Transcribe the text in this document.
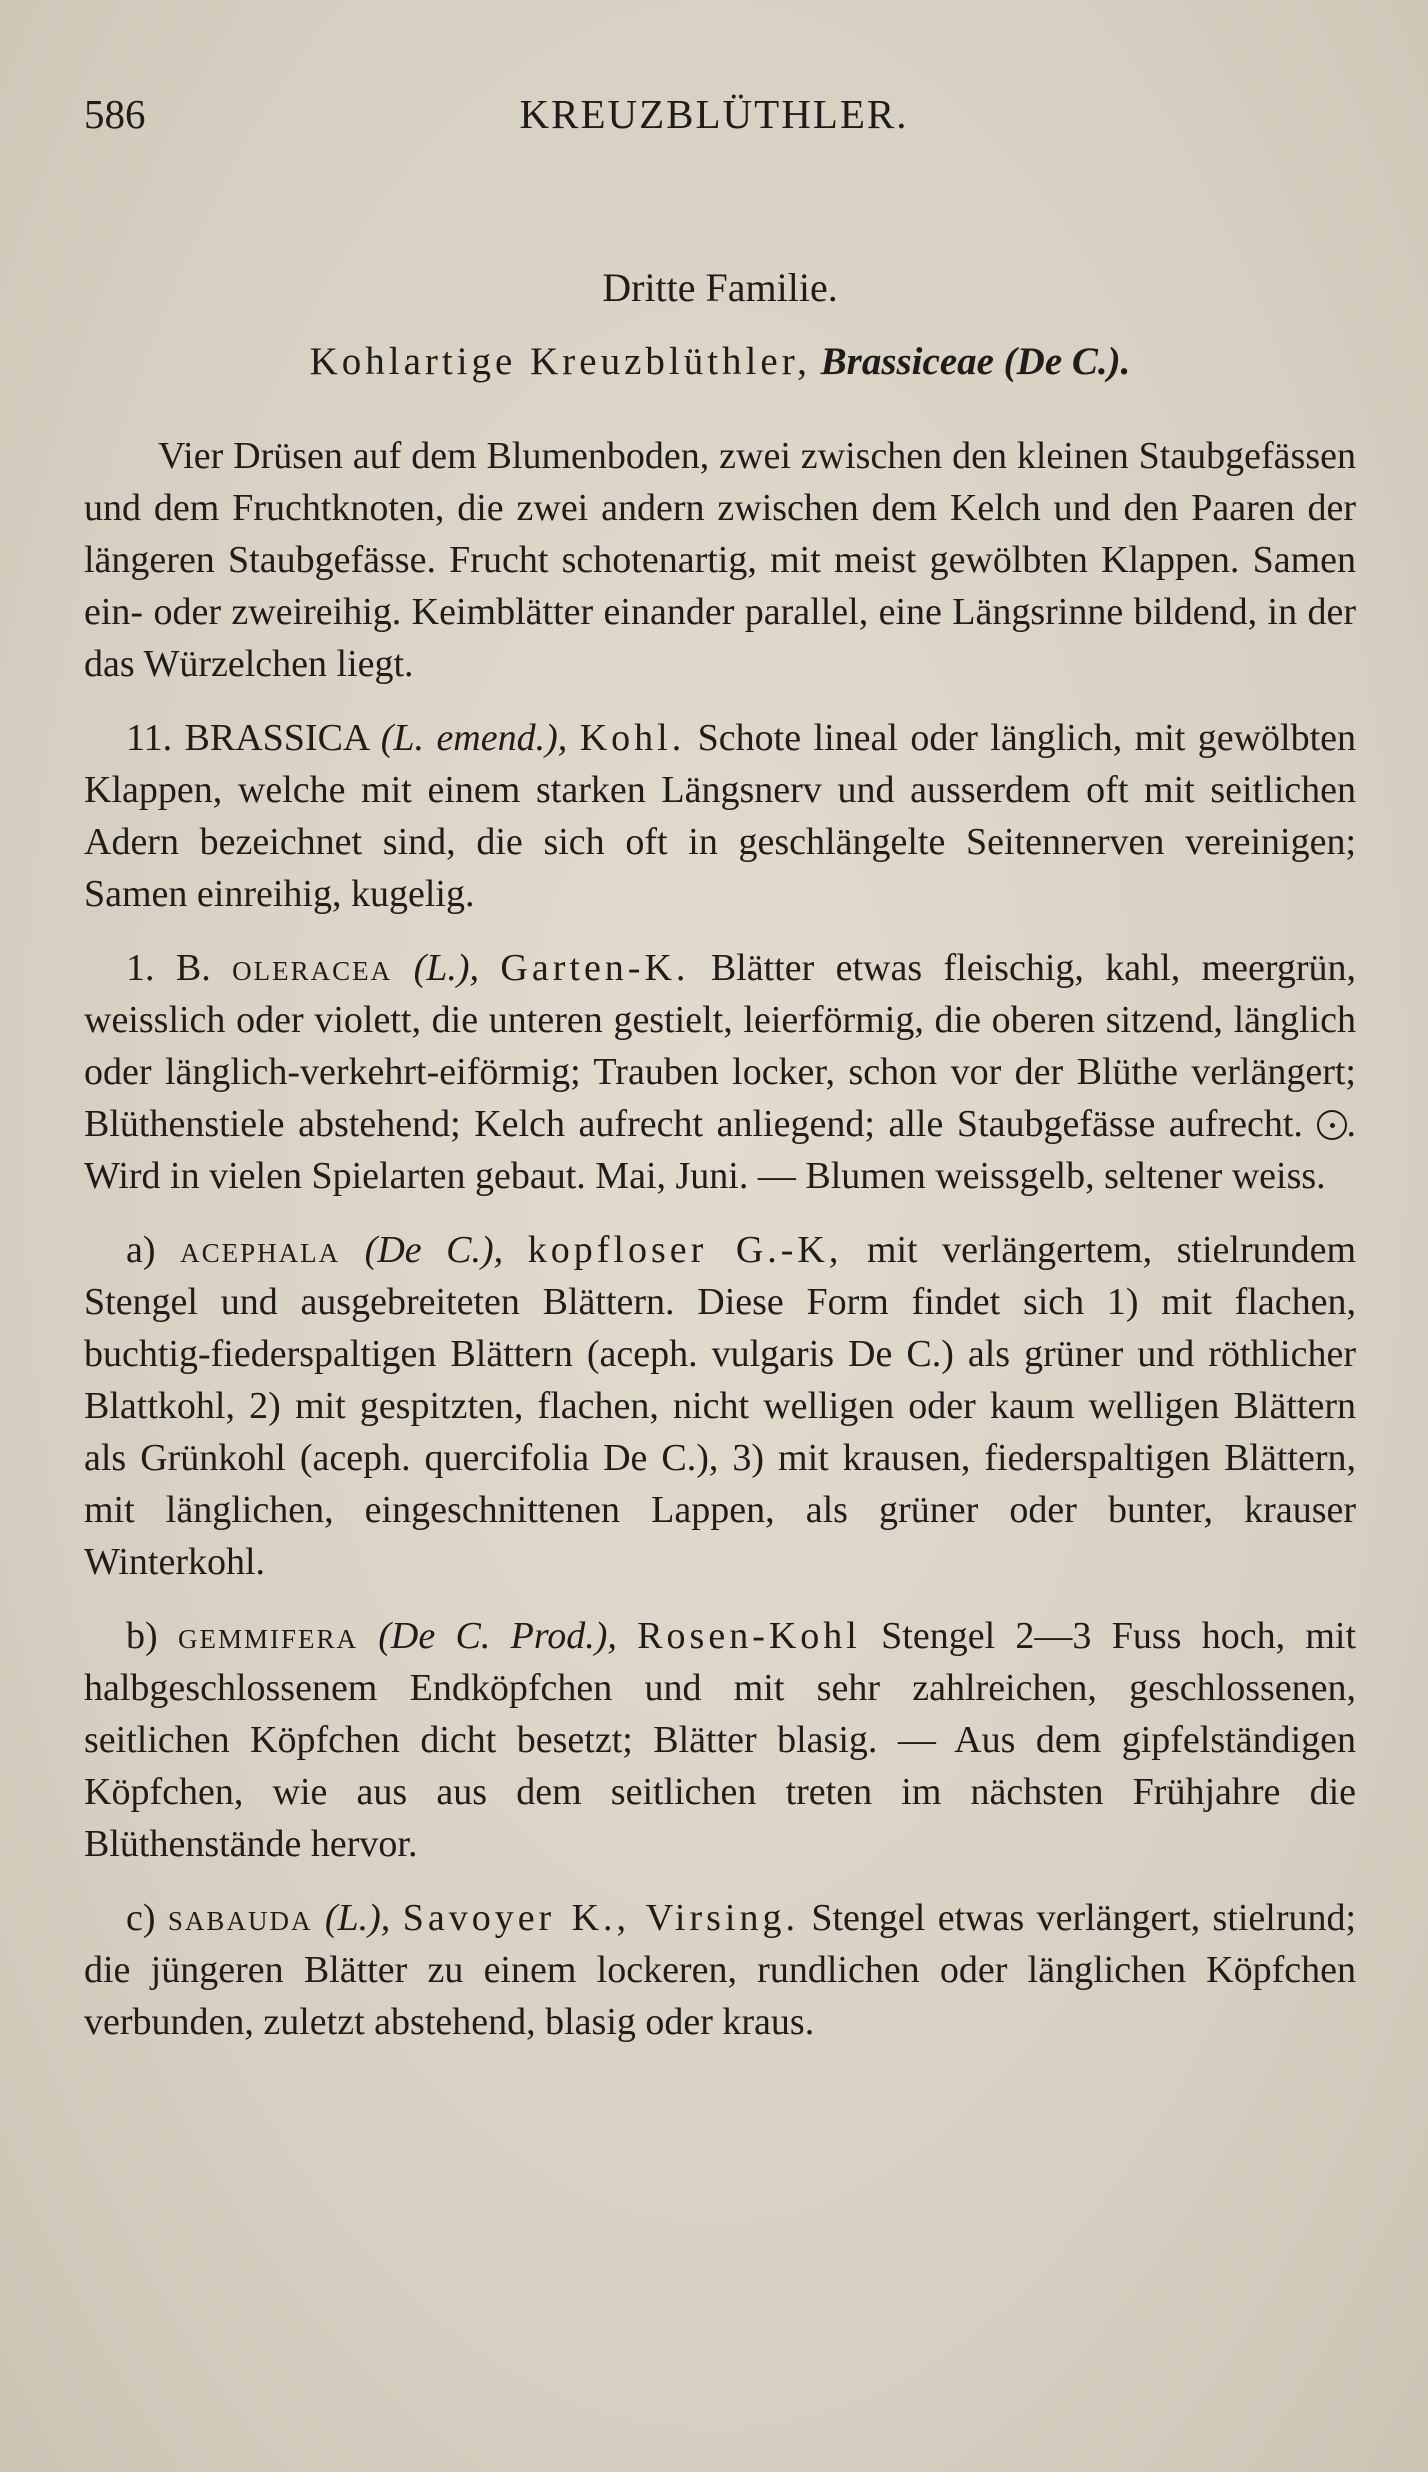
586	KREUZBLÜTHLER.
Dritte Familie.
Kohlartige Kreuzblüthler, Brassiceae (De C.).

Vier Drüsen auf dem Blumenboden, zwei zwischen den kleinen Staubgefässen und dem Fruchtknoten, die zwei andern zwischen dem Kelch und den Paaren der längeren Staubgefässe. Frucht schotenartig, mit meist gewölbten Klappen. Samen ein- oder zweireihig. Keimblätter einander parallel, eine Längsrinne bildend, in der das Würzelchen liegt.

11. BRASSICA (L. emend.), Kohl. Schote lineal oder länglich, mit gewölbten Klappen, welche mit einem starken Längsnerv und ausserdem oft mit seitlichen Adern bezeichnet sind, die sich oft in geschlängelte Seitennerven vereinigen; Samen einreihig, kugelig.

1. B. oleracea (L.), Garten-K. Blätter etwas fleischig, kahl, meergrün, weisslich oder violett, die unteren gestielt, leierförmig, die oberen sitzend, länglich oder länglich-verkehrt-eiförmig; Trauben locker, schon vor der Blüthe verlängert; Blüthenstiele abstehend; Kelch aufrecht anliegend; alle Staubgefässe aufrecht. . Wird in vielen Spielarten gebaut. Mai, Juni. — Blumen weissgelb, seltener weiss.

a) acephala (De C.), kopfloser G.-K, mit verlängertem, stielrundem Stengel und ausgebreiteten Blättern. Diese Form findet sich 1) mit flachen, buchtig-fiederspaltigen Blättern (aceph. vulgaris De C.) als grüner und röthlicher Blattkohl, 2) mit gespitzten, flachen, nicht welligen oder kaum welligen Blättern als Grünkohl (aceph. quercifolia De C.), 3) mit krausen, fiederspaltigen Blättern, mit länglichen, eingeschnittenen Lappen, als grüner oder bunter, krauser Winterkohl.

b) gemmifera (De C. Prod.), Rosen-Kohl Stengel 2—3 Fuss hoch, mit halbgeschlossenem Endköpfchen und mit sehr zahlreichen, geschlossenen, seitlichen Köpfchen dicht besetzt; Blätter blasig. — Aus dem gipfelständigen Köpfchen, wie aus aus dem seitlichen treten im nächsten Frühjahre die Blüthenstände hervor.

c) sabauda (L.), Savoyer K., Virsing. Stengel etwas verlängert, stielrund; die jüngeren Blätter zu einem lockeren, rundlichen oder länglichen Köpfchen verbunden, zuletzt abstehend, blasig oder kraus.
